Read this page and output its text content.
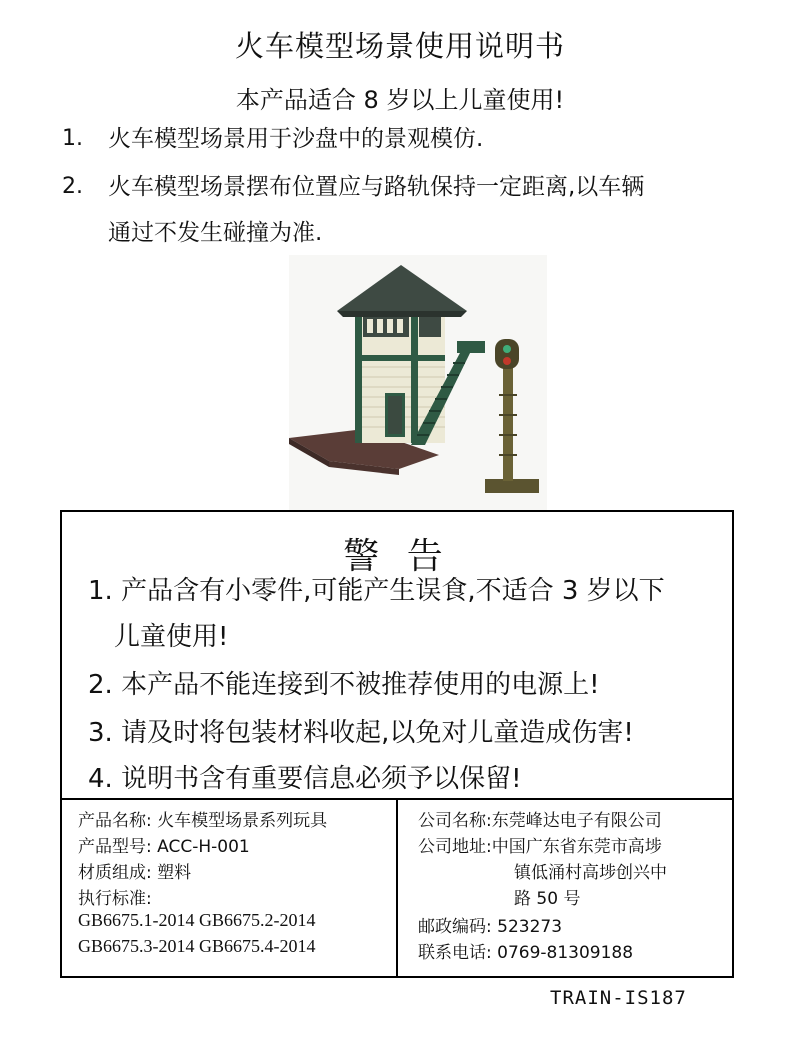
火车模型场景使用说明书
本产品适合 8 岁以上儿童使用!
1. 火车模型场景用于沙盘中的景观模仿.
2. 火车模型场景摆布位置应与路轨保持一定距离,以车辆
通过不发生碰撞为准.
警 告
1. 产品含有小零件,可能产生误食,不适合 3 岁以下
儿童使用!
2. 本产品不能连接到不被推荐使用的电源上!
3. 请及时将包装材料收起,以免对儿童造成伤害!
4. 说明书含有重要信息必须予以保留!
产品名称: 火车模型场景系列玩具
产品型号: ACC-H-001
材质组成: 塑料
执行标准:
GB6675.1-2014 GB6675.2-2014
GB6675.3-2014 GB6675.4-2014
公司名称:东莞峰达电子有限公司
公司地址:中国广东省东莞市高埗
镇低涌村高埗创兴中
路 50 号
邮政编码: 523273
联系电话: 0769-81309188
TRAIN-IS187
